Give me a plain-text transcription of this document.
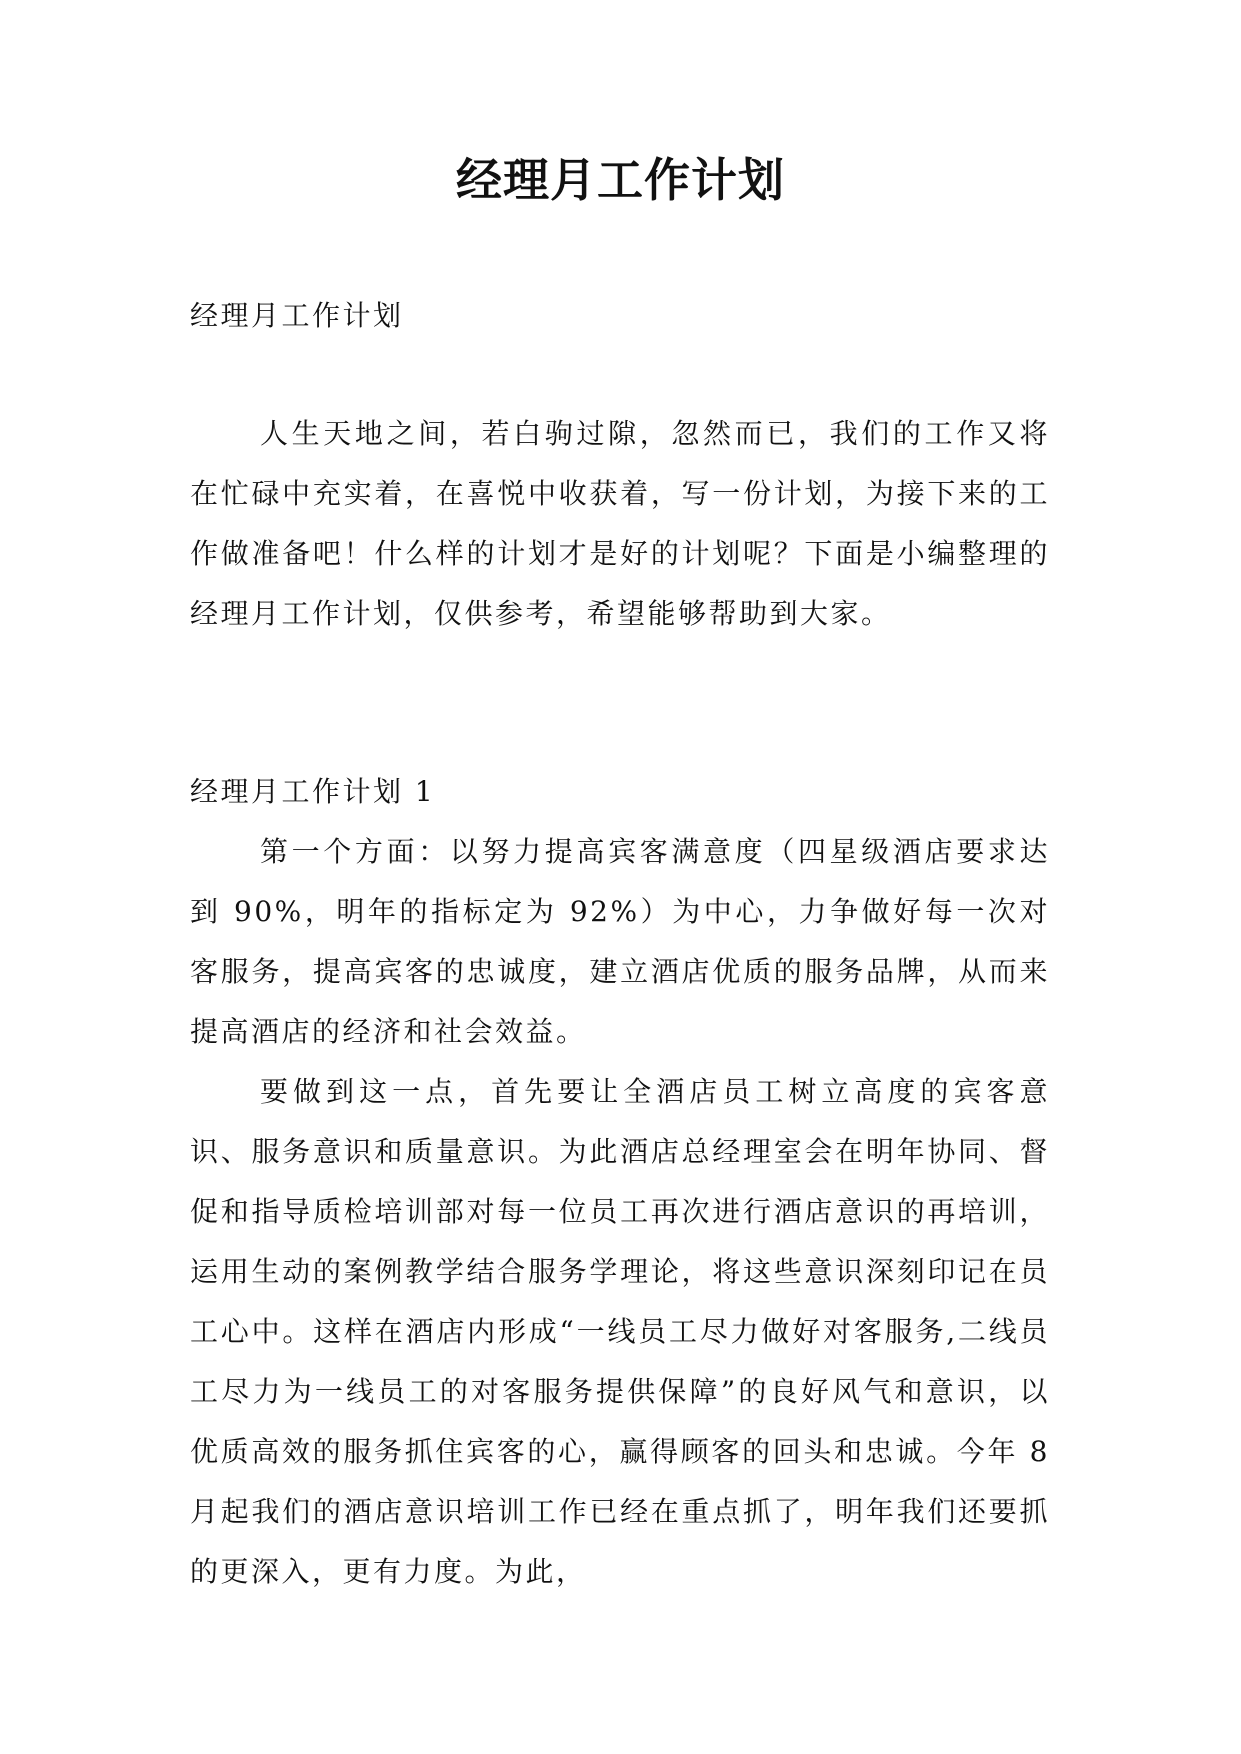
经理月工作计划

经理月工作计划

人生天地之间，若白驹过隙，忽然而已，我们的工作又将在忙碌中充实着，在喜悦中收获着，写一份计划，为接下来的工作做准备吧！什么样的计划才是好的计划呢？下面是小编整理的经理月工作计划，仅供参考，希望能够帮助到大家。

经理月工作计划 1

第一个方面：以努力提高宾客满意度（四星级酒店要求达到 90%，明年的指标定为 92%）为中心，力争做好每一次对客服务，提高宾客的忠诚度，建立酒店优质的服务品牌，从而来提高酒店的经济和社会效益。

要做到这一点，首先要让全酒店员工树立高度的宾客意识、服务意识和质量意识。为此酒店总经理室会在明年协同、督促和指导质检培训部对每一位员工再次进行酒店意识的再培训，运用生动的案例教学结合服务学理论，将这些意识深刻印记在员工心中。这样在酒店内形成“一线员工尽力做好对客服务,二线员工尽力为一线员工的对客服务提供保障”的良好风气和意识，以优质高效的服务抓住宾客的心，赢得顾客的回头和忠诚。今年 8 月起我们的酒店意识培训工作已经在重点抓了，明年我们还要抓的更深入，更有力度。为此，
